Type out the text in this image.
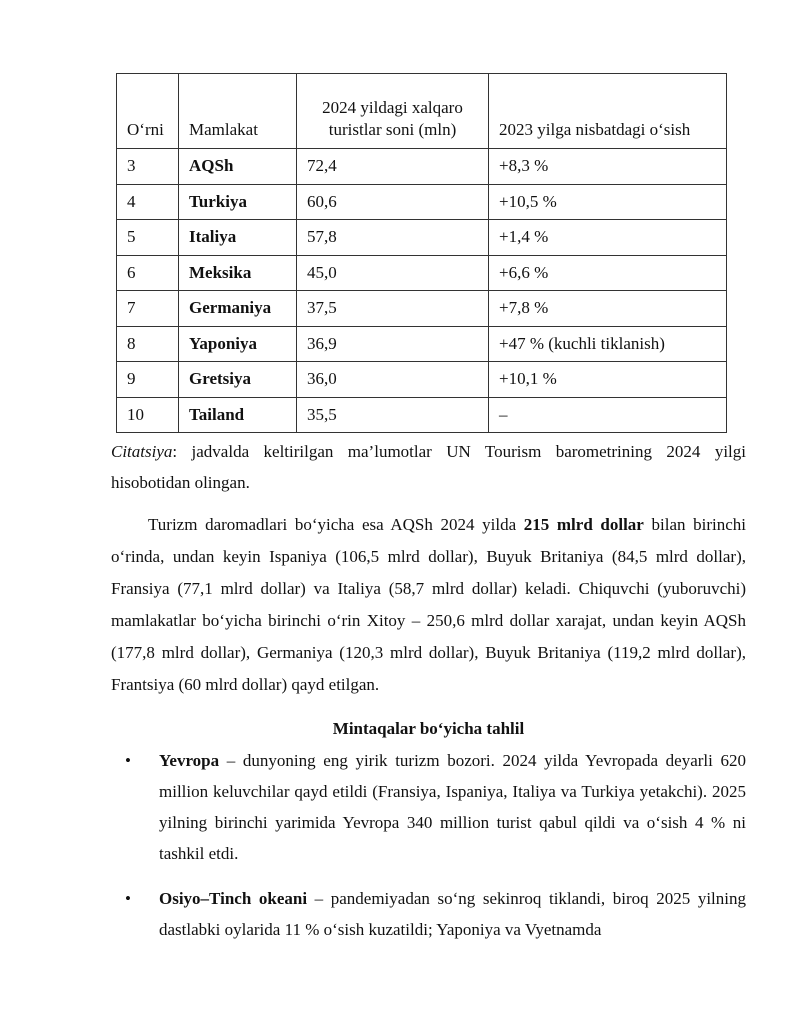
O‘rni	Mamlakat	2024 yildagi xalqaro turistlar soni (mln)	2023 yilga nisbatdagi o‘sish
3	AQSh	72,4	+8,3 %
4	Turkiya	60,6	+10,5 %
5	Italiya	57,8	+1,4 %
6	Meksika	45,0	+6,6 %
7	Germaniya	37,5	+7,8 %
8	Yaponiya	36,9	+47 % (kuchli tiklanish)
9	Gretsiya	36,0	+10,1 %
10	Tailand	35,5	–

Citatsiya: jadvalda keltirilgan ma’lumotlar UN Tourism barometrining 2024 yilgi hisobotidan olingan.

Turizm daromadlari bo‘yicha esa AQSh 2024 yilda 215 mlrd dollar bilan birinchi o‘rinda, undan keyin Ispaniya (106,5 mlrd dollar), Buyuk Britaniya (84,5 mlrd dollar), Fransiya (77,1 mlrd dollar) va Italiya (58,7 mlrd dollar) keladi. Chiquvchi (yuboruvchi) mamlakatlar bo‘yicha birinchi o‘rin Xitoy – 250,6 mlrd dollar xarajat, undan keyin AQSh (177,8 mlrd dollar), Germaniya (120,3 mlrd dollar), Buyuk Britaniya (119,2 mlrd dollar), Frantsiya (60 mlrd dollar) qayd etilgan.

Mintaqalar bo‘yicha tahlil

• Yevropa – dunyoning eng yirik turizm bozori. 2024 yilda Yevropada deyarli 620 million keluvchilar qayd etildi (Fransiya, Ispaniya, Italiya va Turkiya yetakchi). 2025 yilning birinchi yarimida Yevropa 340 million turist qabul qildi va o‘sish 4 % ni tashkil etdi.

• Osiyo–Tinch okeani – pandemiyadan so‘ng sekinroq tiklandi, biroq 2025 yilning dastlabki oylarida 11 % o‘sish kuzatildi; Yaponiya va Vyetnamda
